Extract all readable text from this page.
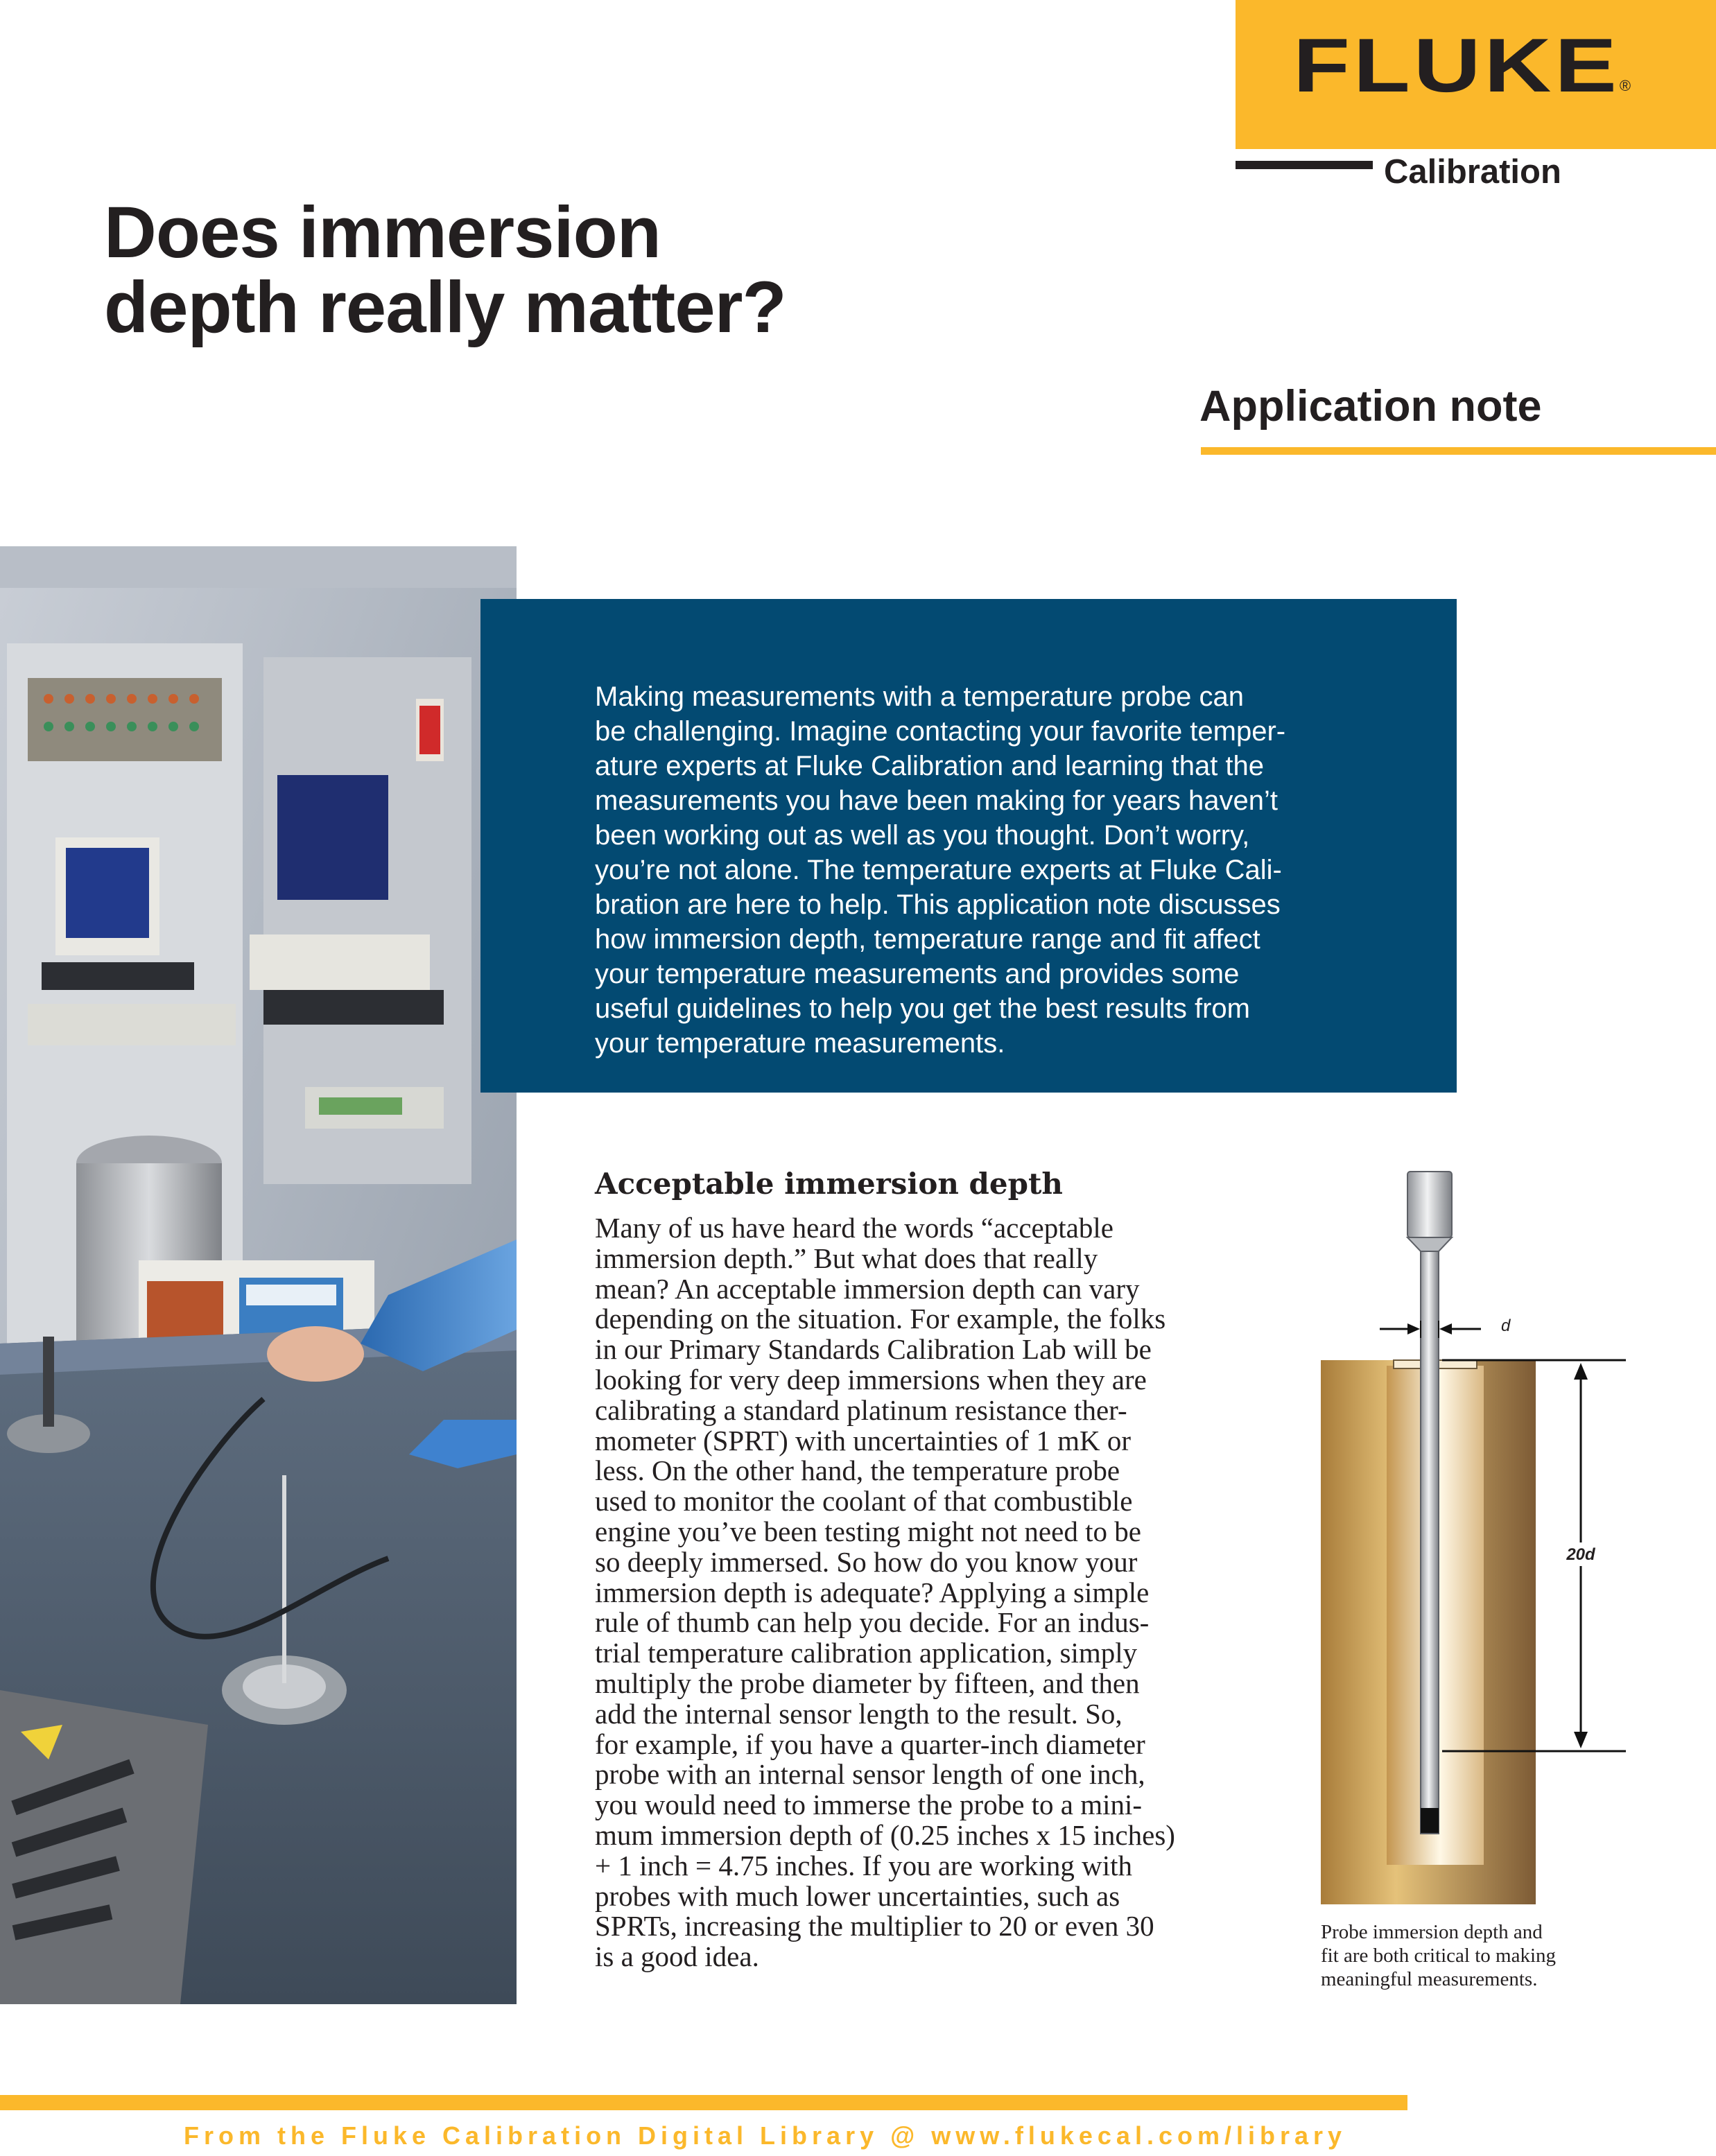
FLUKE ®
Calibration
Does immersion
depth really matter?
Application note

Making measurements with a temperature probe can
be challenging. Imagine contacting your favorite temper-
ature experts at Fluke Calibration and learning that the
measurements you have been making for years haven’t
been working out as well as you thought. Don’t worry,
you’re not alone. The temperature experts at Fluke Cali-
bration are here to help. This application note discusses
how immersion depth, temperature range and fit affect
your temperature measurements and provides some
useful guidelines to help you get the best results from
your temperature measurements.

Acceptable immersion depth

Many of us have heard the words “acceptable
immersion depth.” But what does that really
mean? An acceptable immersion depth can vary
depending on the situation. For example, the folks
in our Primary Standards Calibration Lab will be
looking for very deep immersions when they are
calibrating a standard platinum resistance ther-
mometer (SPRT) with uncertainties of 1 mK or
less. On the other hand, the temperature probe
used to monitor the coolant of that combustible
engine you’ve been testing might not need to be
so deeply immersed. So how do you know your
immersion depth is adequate? Applying a simple
rule of thumb can help you decide. For an indus-
trial temperature calibration application, simply
multiply the probe diameter by fifteen, and then
add the internal sensor length to the result. So,
for example, if you have a quarter-inch diameter
probe with an internal sensor length of one inch,
you would need to immerse the probe to a mini-
mum immersion depth of (0.25 inches x 15 inches)
+ 1 inch = 4.75 inches. If you are working with
probes with much lower uncertainties, such as
SPRTs, increasing the multiplier to 20 or even 30
is a good idea.

d
20d

Probe immersion depth and
fit are both critical to making
meaningful measurements.

From the Fluke Calibration Digital Library @ www.flukecal.com/library
